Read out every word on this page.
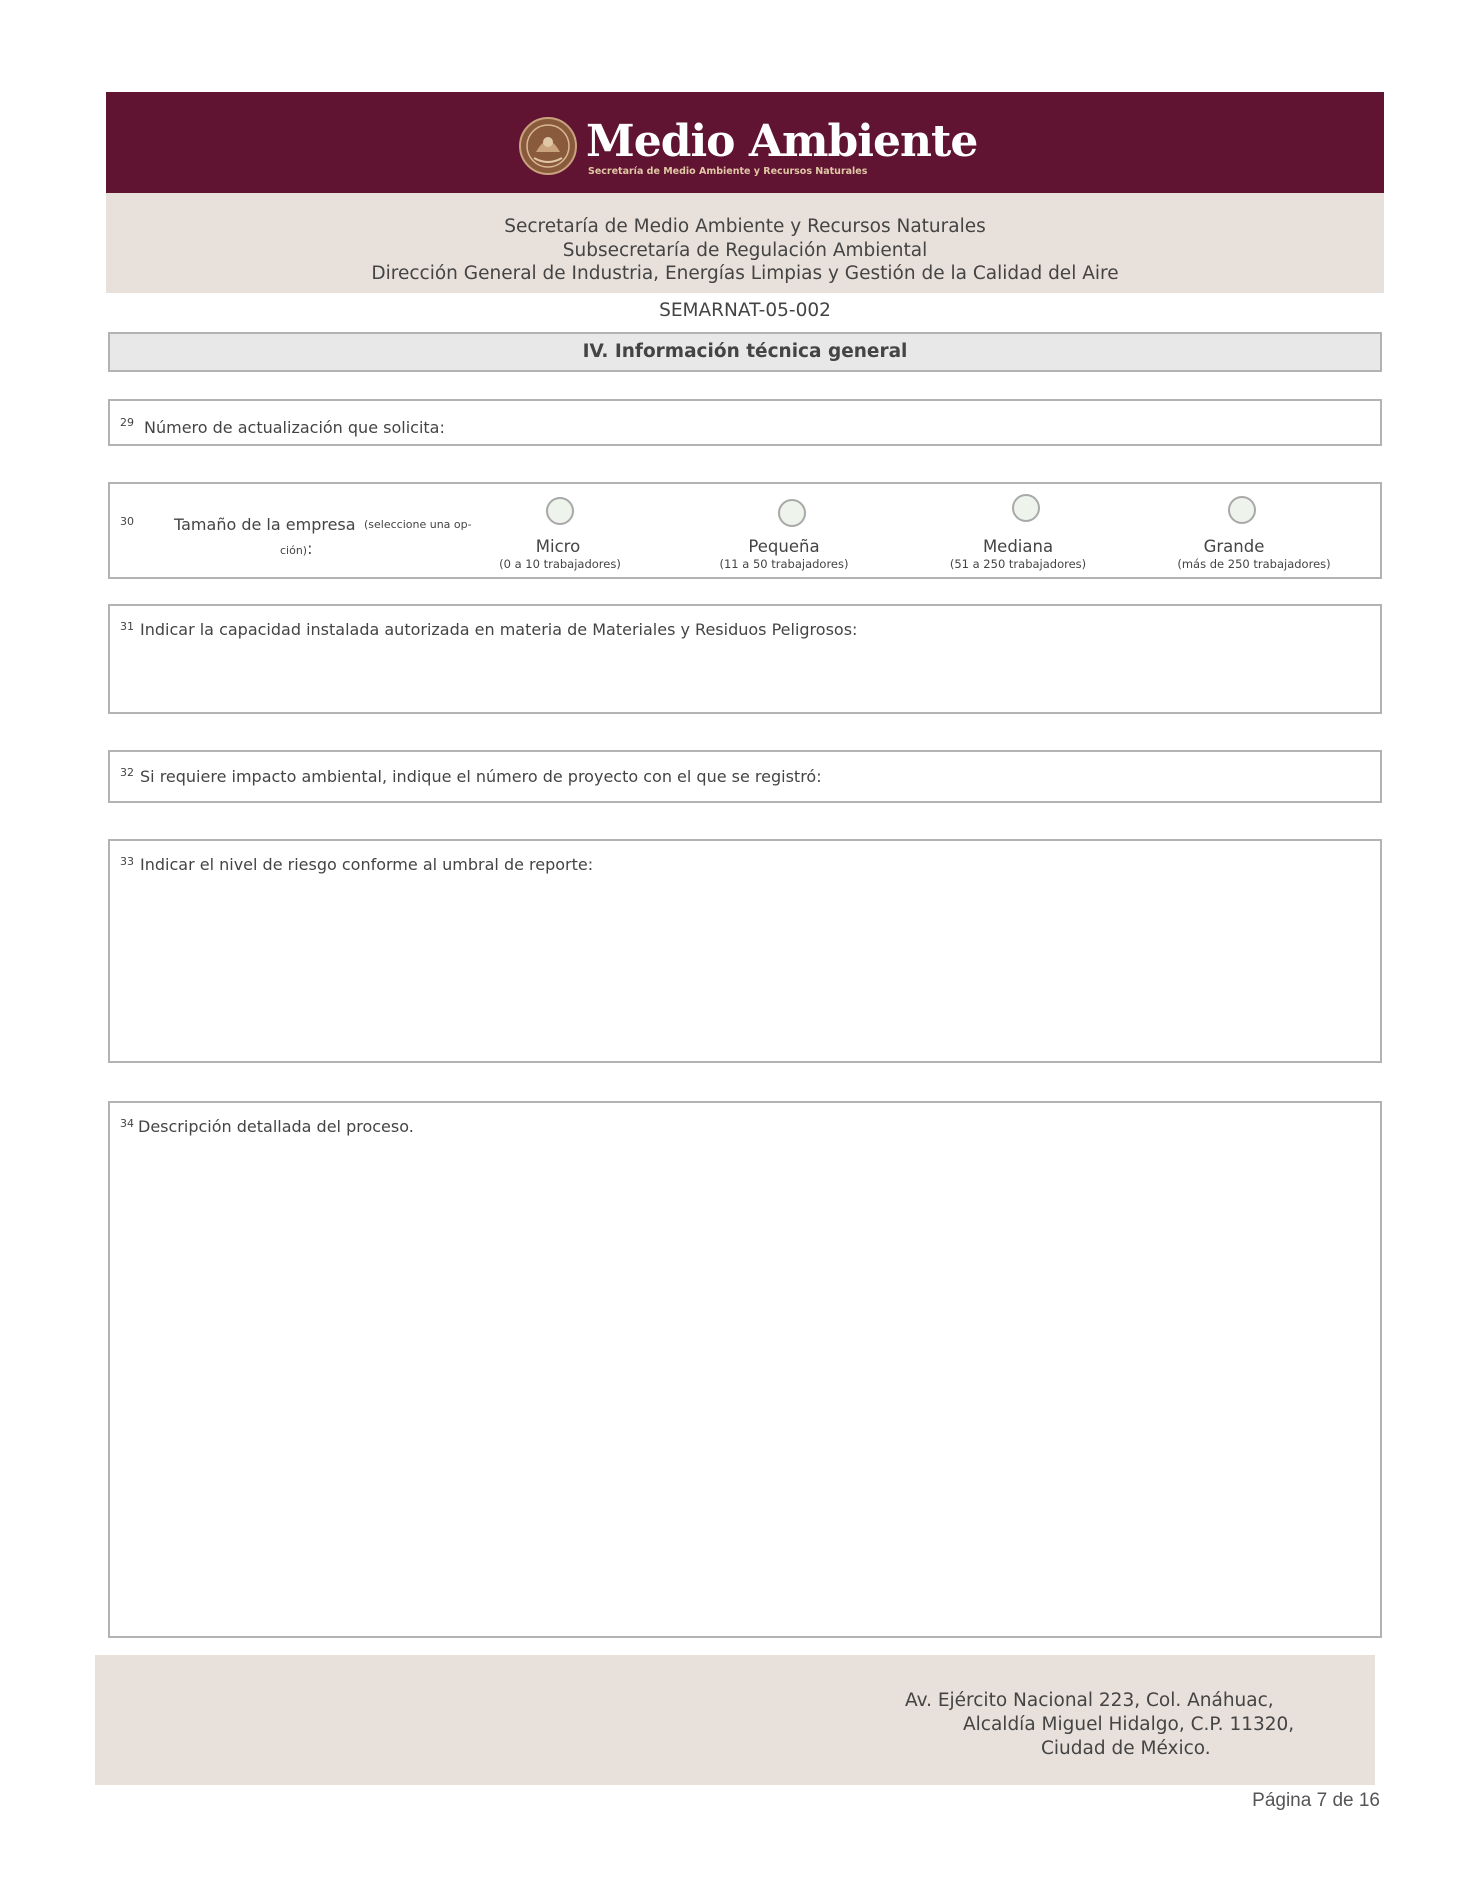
Medio Ambiente
Secretaría de Medio Ambiente y Recursos Naturales
Secretaría de Medio Ambiente y Recursos Naturales
Subsecretaría de Regulación Ambiental
Dirección General de Industria, Energías Limpias y Gestión de la Calidad del Aire
SEMARNAT-05-002
IV. Información técnica general
29 Número de actualización que solicita:
30	Tamaño de la empresa (seleccione una op-
ción):	Micro
(0 a 10 trabajadores)
Pequeña
(11 a 50 trabajadores)
Mediana
(51 a 250 trabajadores)
Grande
(más de 250 trabajadores)
31 Indicar la capacidad instalada autorizada en materia de Materiales y Residuos Peligrosos:
32 Si requiere impacto ambiental, indique el número de proyecto con el que se registró:
33 Indicar el nivel de riesgo conforme al umbral de reporte:
34 Descripción detallada del proceso.
Av. Ejército Nacional 223, Col. Anáhuac,
Alcaldía Miguel Hidalgo, C.P. 11320,
Ciudad de México.
Página 7 de 16
